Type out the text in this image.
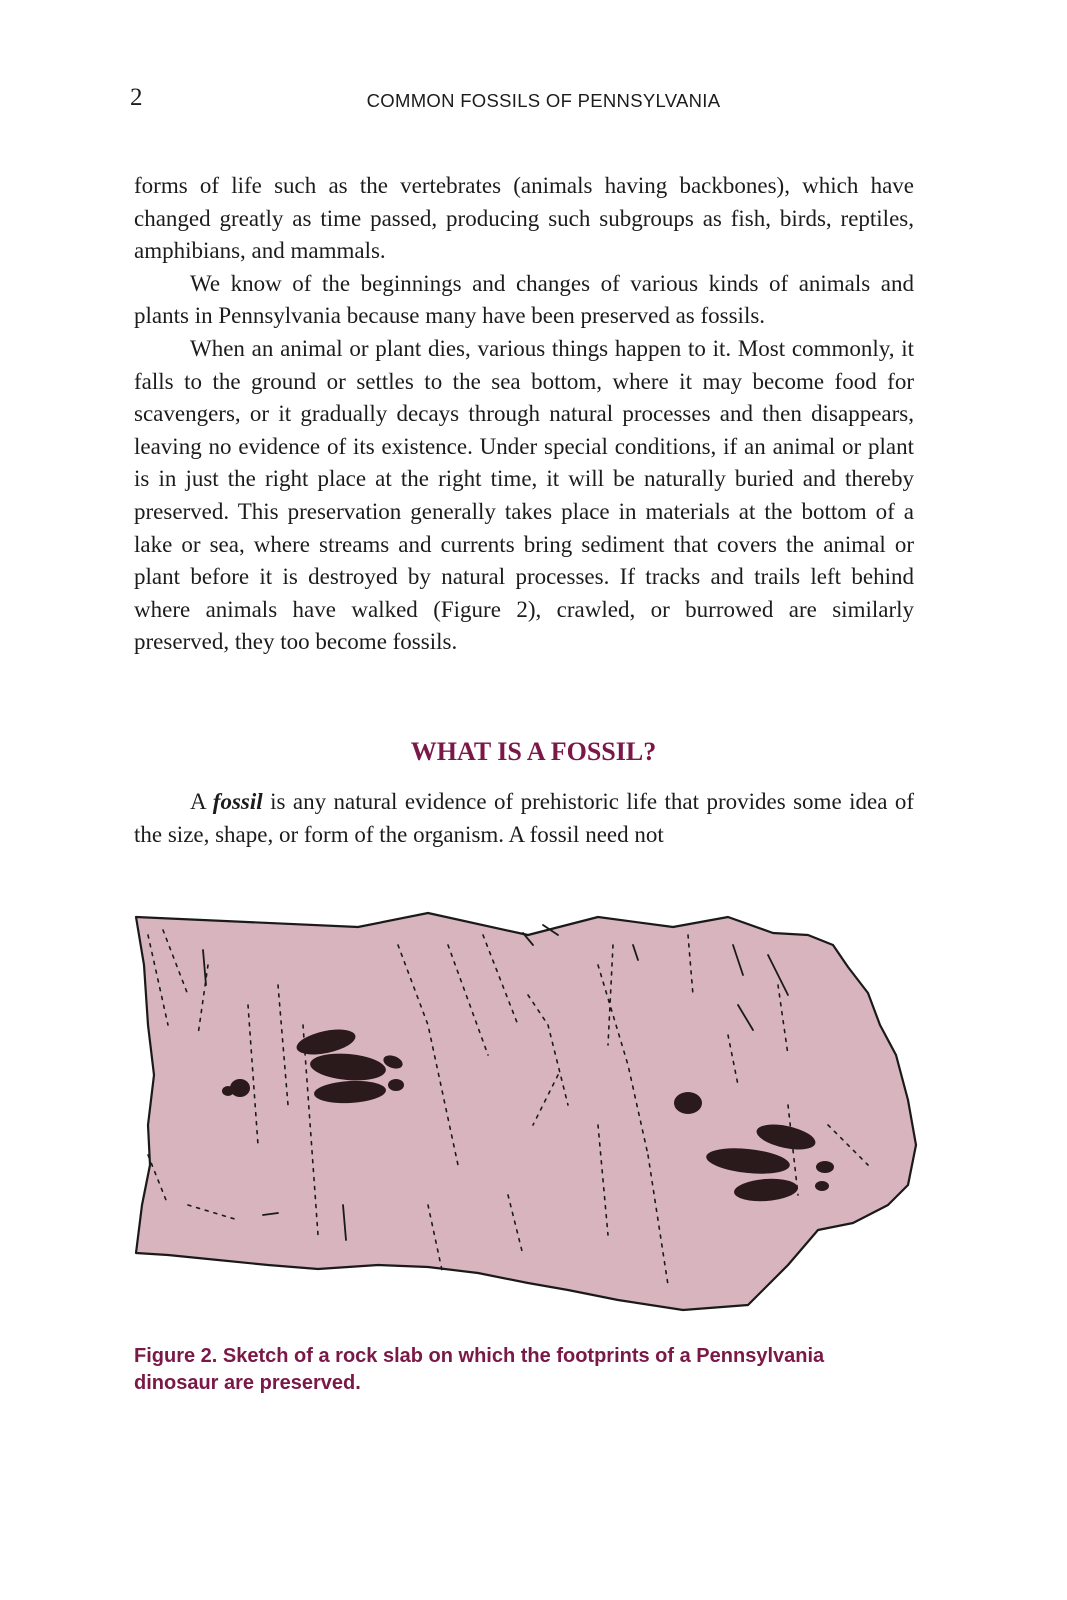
2	COMMON FOSSILS OF PENNSYLVANIA

forms of life such as the vertebrates (animals having backbones), which have changed greatly as time passed, producing such subgroups as fish, birds, reptiles, amphibians, and mammals.

We know of the beginnings and changes of various kinds of animals and plants in Pennsylvania because many have been preserved as fossils.

When an animal or plant dies, various things happen to it. Most commonly, it falls to the ground or settles to the sea bottom, where it may become food for scavengers, or it gradually decays through natural processes and then disappears, leaving no evidence of its existence. Under special conditions, if an animal or plant is in just the right place at the right time, it will be naturally buried and thereby preserved. This preservation generally takes place in materials at the bottom of a lake or sea, where streams and currents bring sediment that covers the animal or plant before it is destroyed by natural processes. If tracks and trails left behind where animals have walked (Figure 2), crawled, or burrowed are similarly preserved, they too become fossils.

WHAT IS A FOSSIL?

A fossil is any natural evidence of prehistoric life that provides some idea of the size, shape, or form of the organism. A fossil need not

Figure 2. Sketch of a rock slab on which the footprints of a Pennsylvania dinosaur are preserved.
